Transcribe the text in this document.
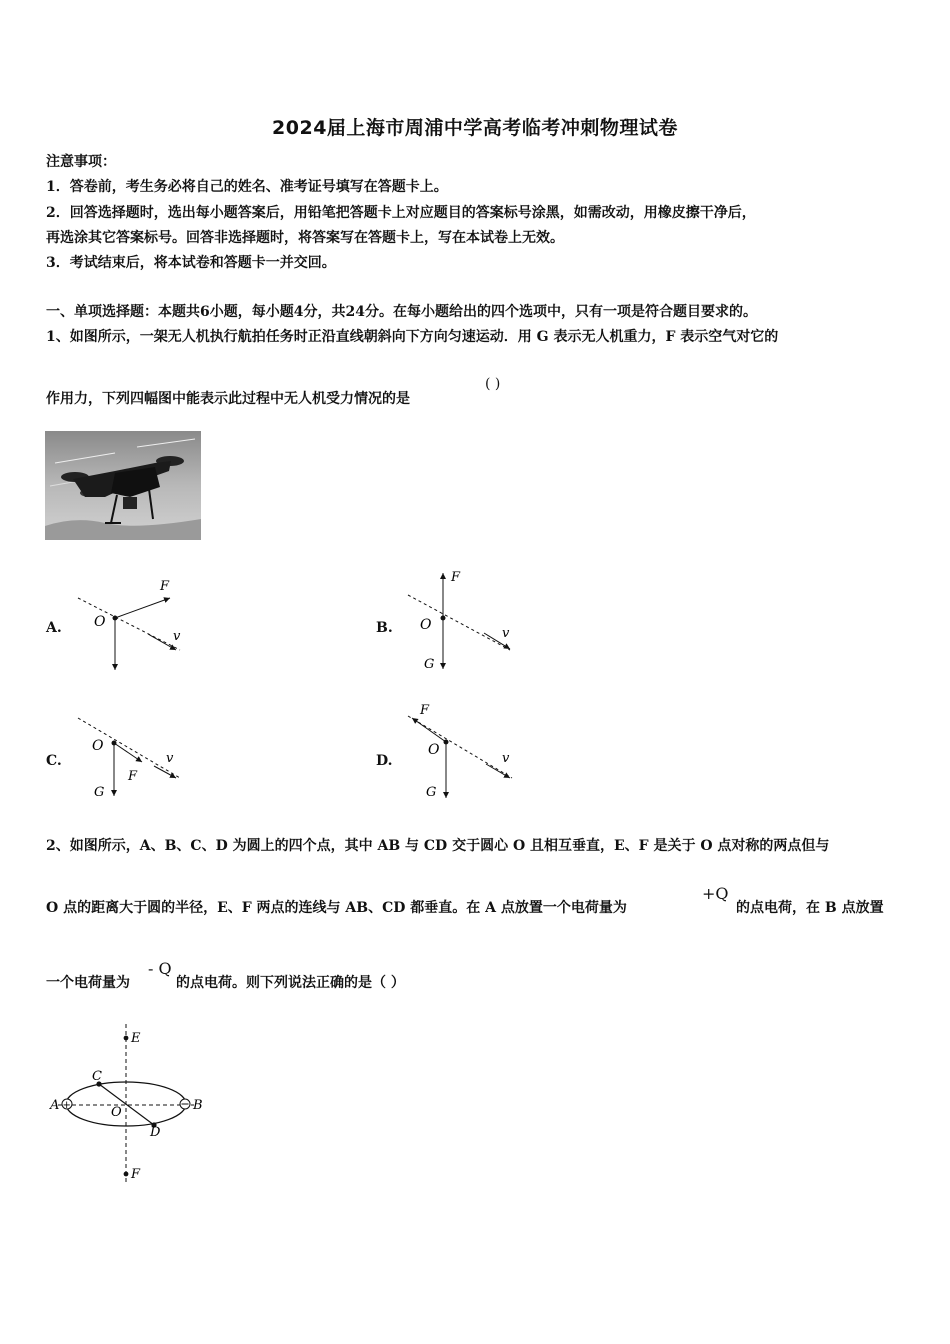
2024届上海市周浦中学高考临考冲刺物理试卷
注意事项：
1．答卷前，考生务必将自己的姓名、准考证号填写在答题卡上。
2．回答选择题时，选出每小题答案后，用铅笔把答题卡上对应题目的答案标号涂黑，如需改动，用橡皮擦干净后，
再选涂其它答案标号。回答非选择题时，将答案写在答题卡上，写在本试卷上无效。
3．考试结束后，将本试卷和答题卡一并交回。
一、单项选择题：本题共6小题，每小题4分，共24分。在每小题给出的四个选项中，只有一项是符合题目要求的。
1、如图所示，一架无人机执行航拍任务时正沿直线朝斜向下方向匀速运动．用 G 表示无人机重力，F 表示空气对它的
作用力，下列四幅图中能表示此过程中无人机受力情况的是
( )
A. O
F
v
B. O
F
G
v
C.
O
F
G
v	D.
O
F
G
v
2、如图所示，A、B、C、D 为圆上的四个点，其中 AB 与 CD 交于圆心 O 且相互垂直，E、F 是关于 O 点对称的两点但与
O 点的距离大于圆的半径，E、F 两点的连线与 AB、CD 都垂直。在 A 点放置一个电荷量为
+Q
的点电荷，在 B 点放置
一个电荷量为
- Q
的点电荷。则下列说法正确的是（ ）
+
A	B
C
D
E
F
O
